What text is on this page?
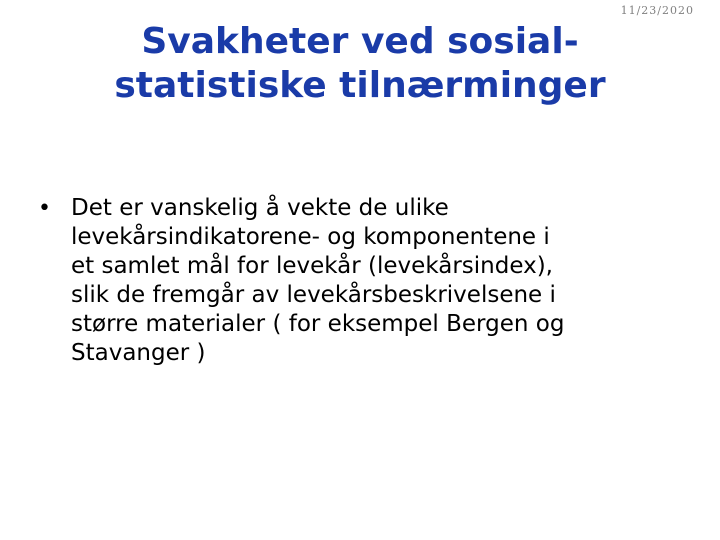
11/23/2020
Svakheter ved sosial-
statistiske tilnærminger
• Det er vanskelig å vekte de ulike
levekårsindikatorene- og komponentene i
et samlet mål for levekår (levekårsindex),
slik de fremgår av levekårsbeskrivelsene i
større materialer ( for eksempel Bergen og
Stavanger )
